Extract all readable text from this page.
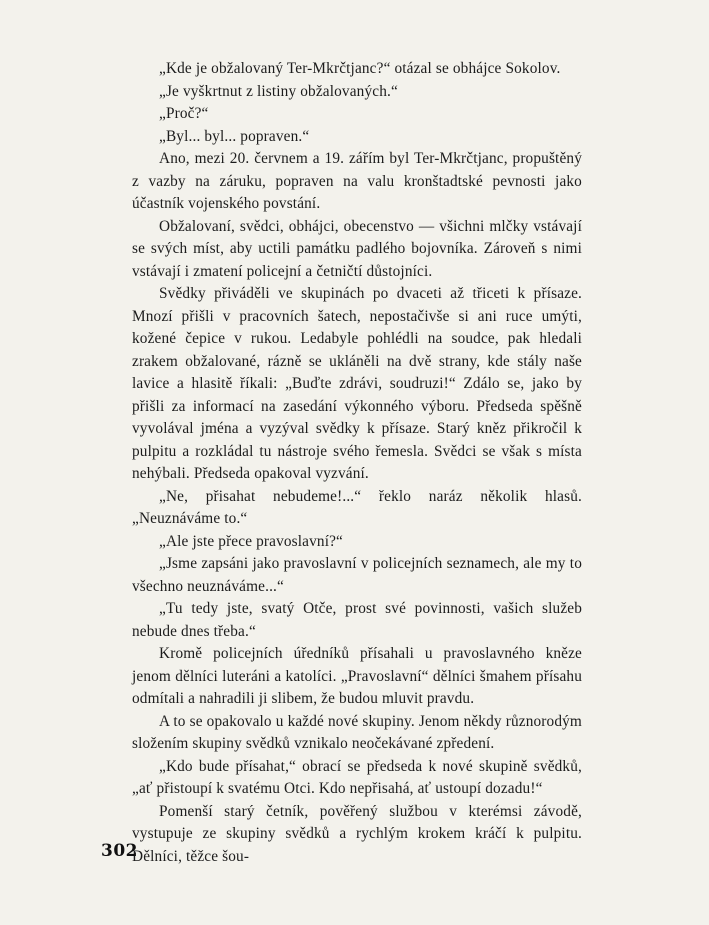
„Kde je obžalovaný Ter-Mkrčtjanc?“ otázal se obhájce Sokolov.

„Je vyškrtnut z listiny obžalovaných.“

„Proč?“

„Byl... byl... popraven.“

Ano, mezi 20. červnem a 19. zářím byl Ter-Mkrčtjanc, propuštěný z vazby na záruku, popraven na valu kronštadtské pevnosti jako účastník vojenského povstání.

Obžalovaní, svědci, obhájci, obecenstvo — všichni mlčky vstávají se svých míst, aby uctili památku padlého bojovníka. Zároveň s nimi vstávají i zmatení policejní a četničtí důstojníci.

Svědky přiváděli ve skupinách po dvaceti až třiceti k přísaze. Mnozí přišli v pracovních šatech, nepostačivše si ani ruce umýti, kožené čepice v rukou. Ledabyle pohlédli na soudce, pak hledali zrakem obžalované, rázně se ukláněli na dvě strany, kde stály naše lavice a hlasitě říkali: „Buďte zdrávi, soudruzi!“ Zdálo se, jako by přišli za informací na zasedání výkonného výboru. Předseda spěšně vyvolával jména a vyzýval svědky k přísaze. Starý kněz přikročil k pulpitu a rozkládal tu nástroje svého řemesla. Svědci se však s místa nehýbali. Předseda opakoval vyzvání.

„Ne, přisahat nebudeme!...“ řeklo naráz několik hlasů. „Neuznáváme to.“

„Ale jste přece pravoslavní?“

„Jsme zapsáni jako pravoslavní v policejních seznamech, ale my to všechno neuznáváme...“

„Tu tedy jste, svatý Otče, prost své povinnosti, vašich služeb nebude dnes třeba.“

Kromě policejních úředníků přísahali u pravoslavného kněze jenom dělníci luteráni a katolíci. „Pravoslavní“ dělníci šmahem přísahu odmítali a nahradili ji slibem, že budou mluvit pravdu.

A to se opakovalo u každé nové skupiny. Jenom někdy různorodým složením skupiny svědků vznikalo neočekávané zpředení.

„Kdo bude přísahat,“ obrací se předseda k nové skupině svědků, „ať přistoupí k svatému Otci. Kdo nepřisahá, ať ustoupí dozadu!“

Pomenší starý četník, pověřený službou v kterémsi závodě, vystupuje ze skupiny svědků a rychlým krokem kráčí k pulpitu. Dělníci, těžce šou-

302
